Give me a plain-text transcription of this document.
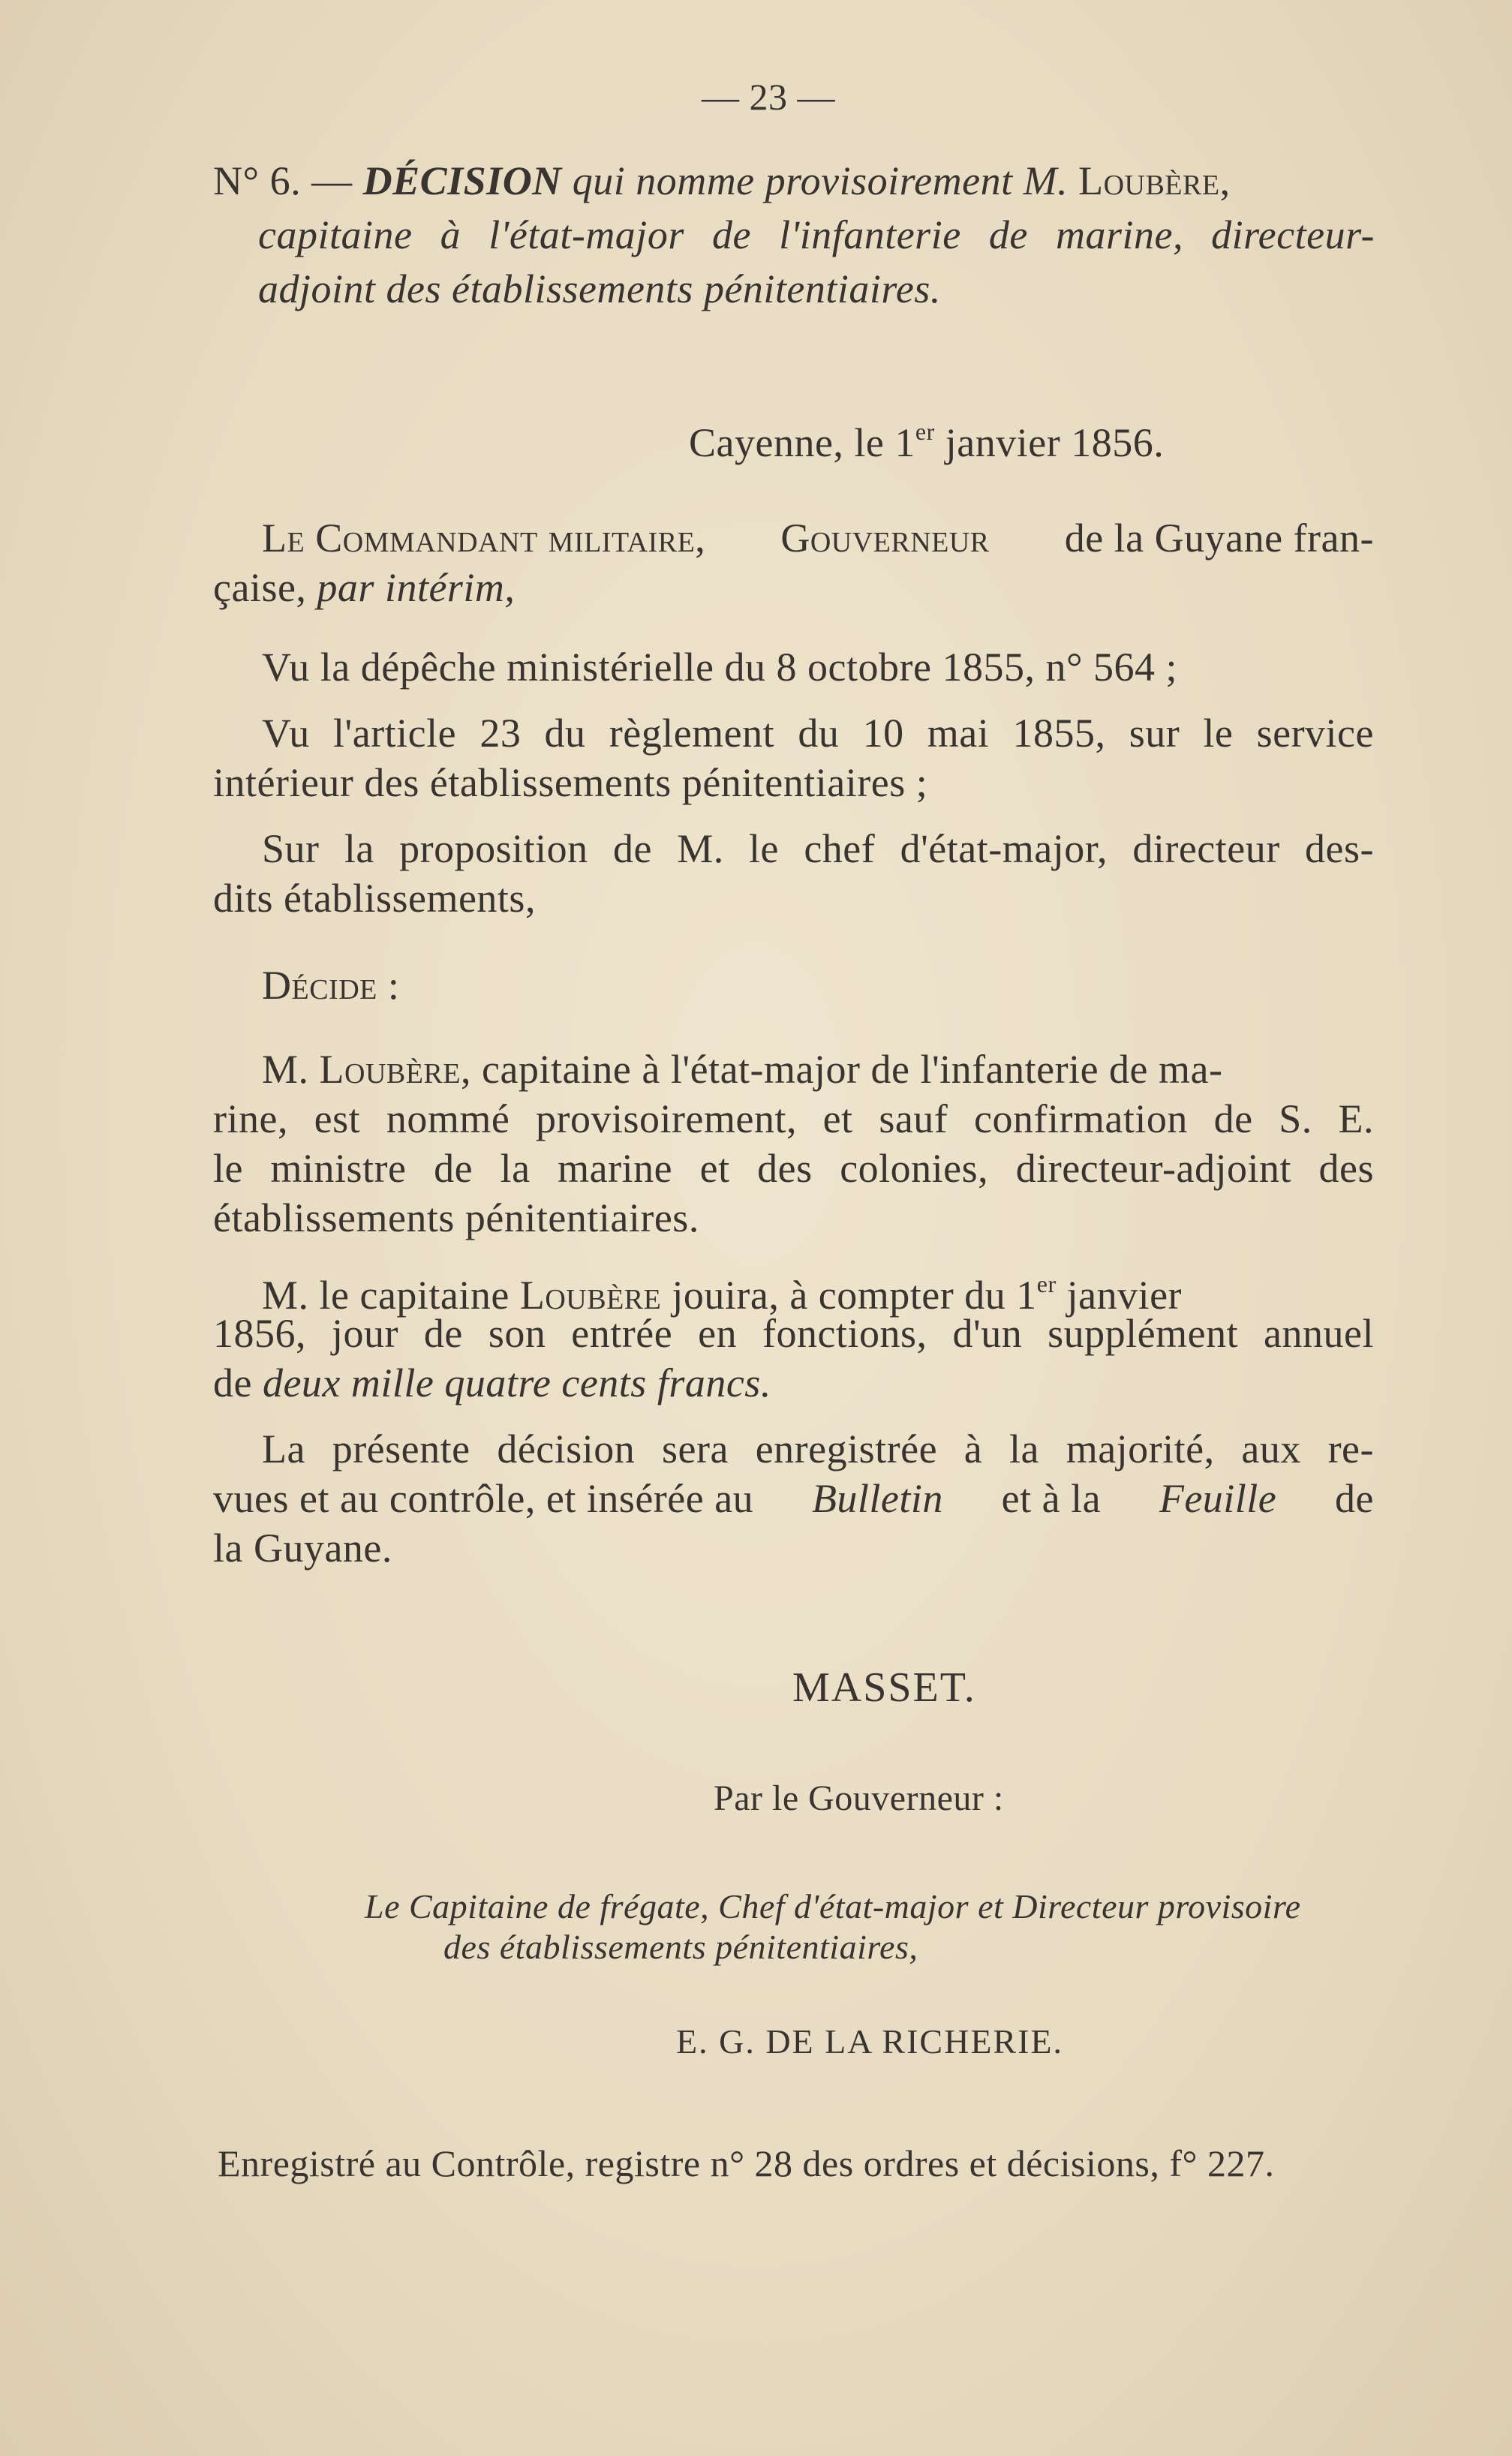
— 23 —
N° 6. — DÉCISION qui nomme provisoirement M. Loubère,
capitaine à l'état-major de l'infanterie de marine, directeur-
adjoint des établissements pénitentiaires.
Cayenne, le 1er janvier 1856.
Le Commandant militaire, Gouverneur de la Guyane fran-
çaise, par intérim,
Vu la dépêche ministérielle du 8 octobre 1855, n° 564 ;
Vu l'article 23 du règlement du 10 mai 1855, sur le service
intérieur des établissements pénitentiaires ;
Sur la proposition de M. le chef d'état-major, directeur des-
dits établissements,
Décide :
M. Loubère, capitaine à l'état-major de l'infanterie de ma-
rine, est nommé provisoirement, et sauf confirmation de S. E.
le ministre de la marine et des colonies, directeur-adjoint des
établissements pénitentiaires.
M. le capitaine Loubère jouira, à compter du 1er janvier
1856, jour de son entrée en fonctions, d'un supplément annuel
de deux mille quatre cents francs.
La présente décision sera enregistrée à la majorité, aux re-
vues et au contrôle, et insérée au Bulletin et à la Feuille de
la Guyane.
MASSET.
Par le Gouverneur :
Le Capitaine de frégate, Chef d'état-major et Directeur provisoire
des établissements pénitentiaires,
E. G. DE LA RICHERIE.
Enregistré au Contrôle, registre n° 28 des ordres et décisions, f° 227.
